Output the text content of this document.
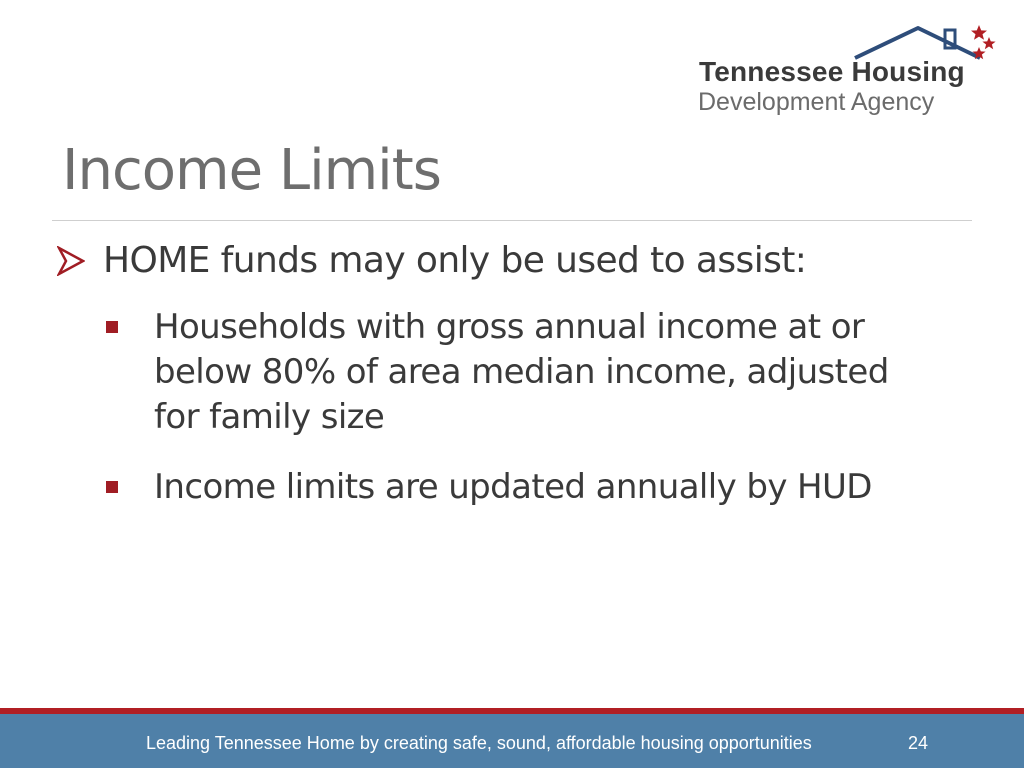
Tennessee Housing
Development Agency
Income Limits
HOME funds may only be used to assist:
Households with gross annual income at or below 80% of area median income, adjusted for family size
Income limits are updated annually by HUD
Leading Tennessee Home by creating safe, sound, affordable housing opportunities	24
